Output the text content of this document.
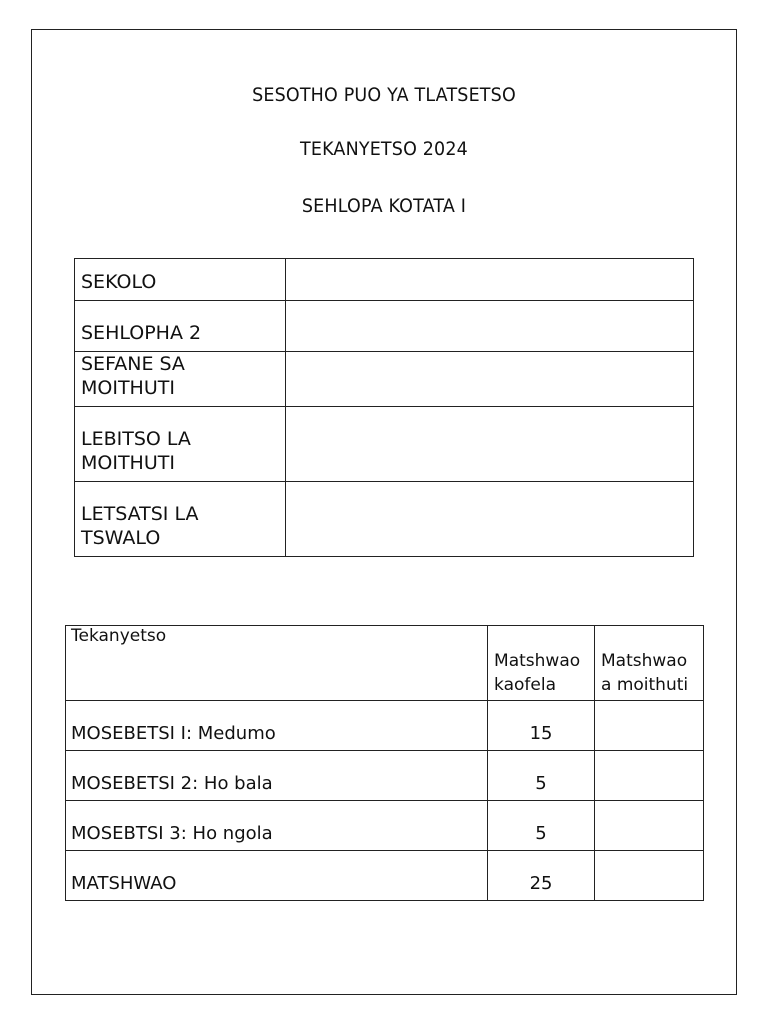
SESOTHO PUO YA TLATSETSO
TEKANYETSO 2024
SEHLOPA KOTATA I
SEKOLO	
SEHLOPHA 2	
SEFANE SA MOITHUTI	
LEBITSO LA MOITHUTI	
LETSATSI LA TSWALO	
Tekanyetso	Matshwao kaofela	Matshwao a moithuti
MOSEBETSI I: Medumo	15	
MOSEBETSI 2: Ho bala	5	
MOSEBTSI 3: Ho ngola	5	
MATSHWAO	25	
